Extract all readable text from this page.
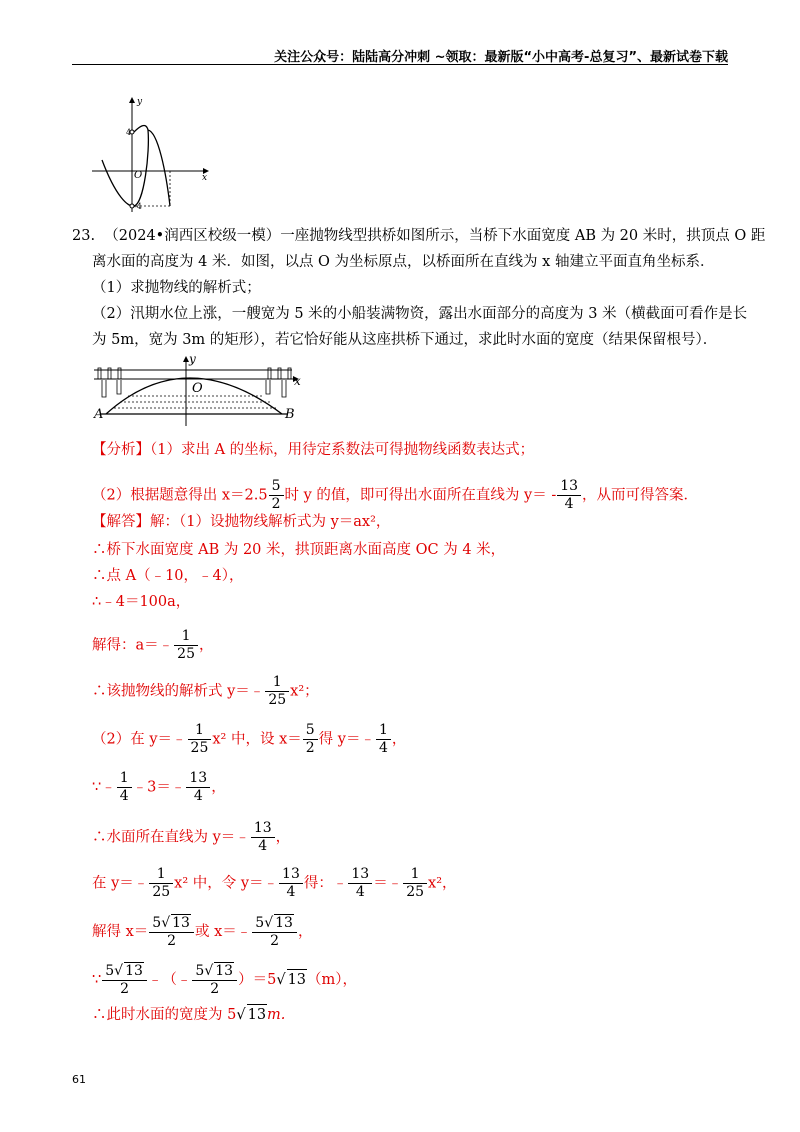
关注公众号：陆陆高分冲刺 ~领取：最新版“小中高考-总复习”、最新试卷下载
y
x
O
4
-4
23. （2024•润西区校级一模）一座抛物线型拱桥如图所示，当桥下水面宽度 AB 为 20 米时，拱顶点 O 距
离水面的高度为 4 米．如图，以点 O 为坐标原点，以桥面所在直线为 x 轴建立平面直角坐标系．
（1）求抛物线的解析式；
（2）汛期水位上涨，一艘宽为 5 米的小船装满物资，露出水面部分的高度为 3 米（横截面可看作是长
为 5m，宽为 3m 的矩形），若它恰好能从这座拱桥下通过，求此时水面的宽度（结果保留根号）．
y
x
O
A	B
【分析】（1）求出 A 的坐标，用待定系数法可得抛物线函数表达式；
（2）根据题意得出 $x=2.5 \frac{5}{2}$ 时 y 的值，即可得出水面所在直线为 $y= - \frac{13}{4}$ ，从而可得答案．
【解答】解：（1）设抛物线解析式为 y＝ax²，
∴桥下水面宽度 AB 为 20 米，拱顶距离水面高度 OC 为 4 米，
∴点 A（﹣10，﹣4），
∴﹣4＝100a，
解得：a＝﹣ $\frac{1}{25}$ ，
∴该抛物线的解析式 y＝﹣ $\frac{1}{25} x^2$；
（2）在 y＝﹣ $\frac{1}{25} x^2$ 中，设 $x= \frac{5}{2}$ 得 y＝﹣ $\frac{1}{4}$ ，
∵﹣ $\frac{1}{4}$ ﹣3＝﹣ $\frac{13}{4}$ ，
∴水面所在直线为 y＝﹣ $\frac{13}{4}$ ，
在 y＝﹣ $\frac{1}{25} x^2$ 中，令 y＝﹣ $\frac{13}{4}$ 得：﹣ $\frac{13}{4}$ ＝﹣ $\frac{1}{25} x^2$，
解得 $x= \frac{5√ 13}{2}$ 或 x＝﹣ $\frac{5√ 13}{2}$ ，
∵ $\frac{5√ 13}{2}$ ﹣（﹣ $\frac{5√ 13}{2} )=5√$ 13（m），
∴此时水面的宽度为 5√ 13m.
61
